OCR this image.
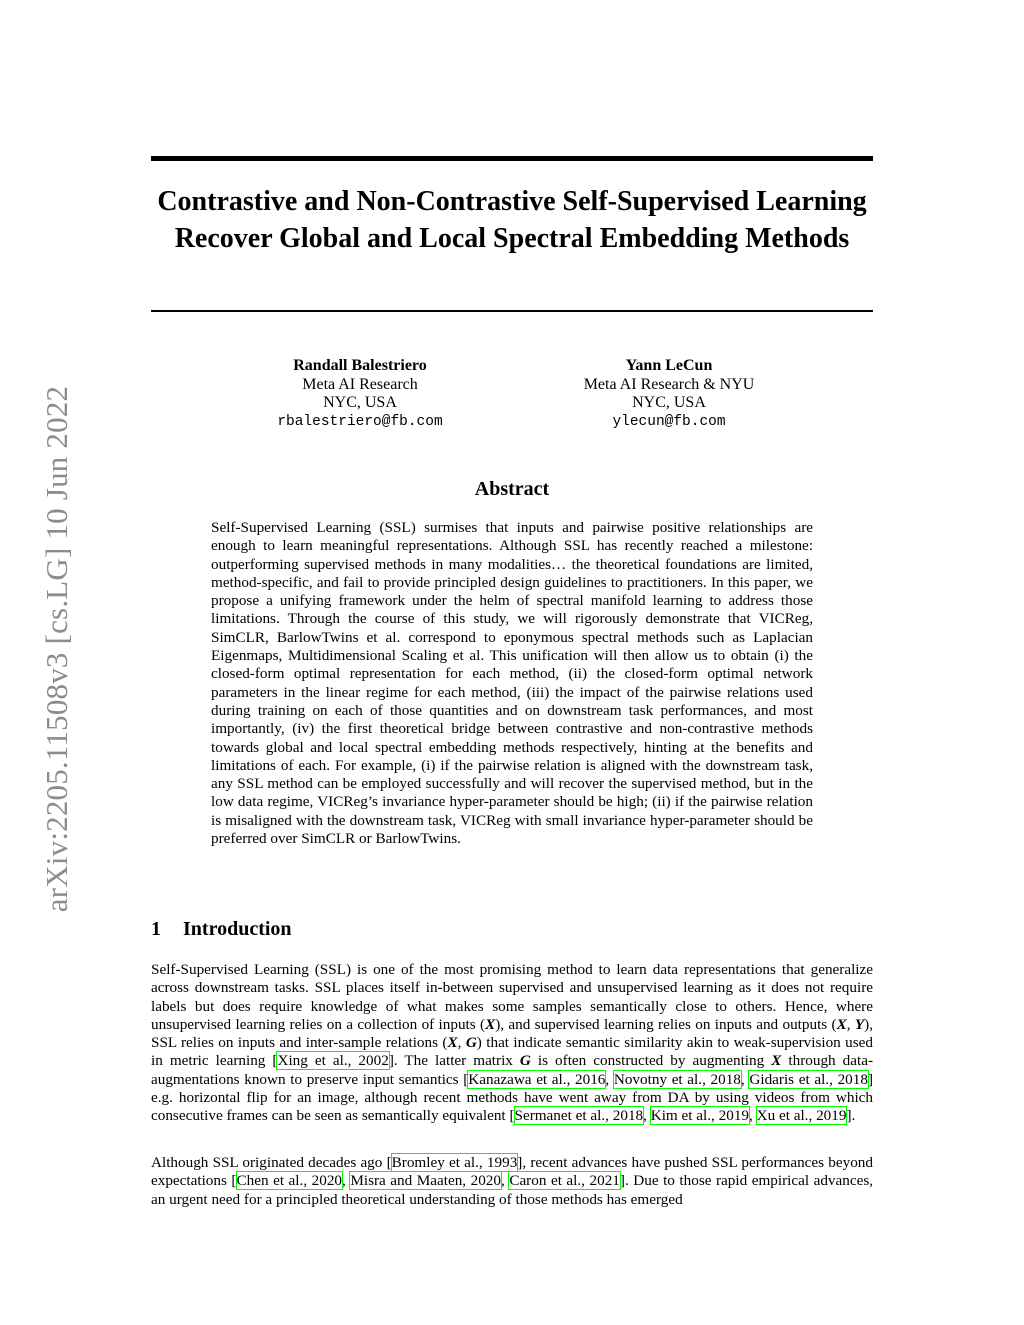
arXiv:2205.11508v3 [cs.LG] 10 Jun 2022
Contrastive and Non-Contrastive Self-Supervised Learning Recover Global and Local Spectral Embedding Methods
Randall Balestriero
Meta AI Research
NYC, USA
rbalestriero@fb.com
Yann LeCun
Meta AI Research & NYU
NYC, USA
ylecun@fb.com
Abstract

Self-Supervised Learning (SSL) surmises that inputs and pairwise positive relationships are enough to learn meaningful representations. Although SSL has recently reached a milestone: outperforming supervised methods in many modalities… the theoretical foundations are limited, method-specific, and fail to provide principled design guidelines to practitioners. In this paper, we propose a unifying framework under the helm of spectral manifold learning to address those limitations. Through the course of this study, we will rigorously demonstrate that VICReg, SimCLR, BarlowTwins et al. correspond to eponymous spectral methods such as Laplacian Eigenmaps, Multidimensional Scaling et al. This unification will then allow us to obtain (i) the closed-form optimal representation for each method, (ii) the closed-form optimal network parameters in the linear regime for each method, (iii) the impact of the pairwise relations used during training on each of those quantities and on downstream task performances, and most importantly, (iv) the first theoretical bridge between contrastive and non-contrastive methods towards global and local spectral embedding methods respectively, hinting at the benefits and limitations of each. For example, (i) if the pairwise relation is aligned with the downstream task, any SSL method can be employed successfully and will recover the supervised method, but in the low data regime, VICReg’s invariance hyper-parameter should be high; (ii) if the pairwise relation is misaligned with the downstream task, VICReg with small invariance hyper-parameter should be preferred over SimCLR or BarlowTwins.

1 Introduction

Self-Supervised Learning (SSL) is one of the most promising method to learn data representations that generalize across downstream tasks. SSL places itself in-between supervised and unsupervised learning as it does not require labels but does require knowledge of what makes some samples semantically close to others. Hence, where unsupervised learning relies on a collection of inputs (X), and supervised learning relies on inputs and outputs (X, Y), SSL relies on inputs and inter-sample relations (X, G) that indicate semantic similarity akin to weak-supervision used in metric learning [Xing et al., 2002]. The latter matrix G is often constructed by augmenting X through data-augmentations known to preserve input semantics [Kanazawa et al., 2016, Novotny et al., 2018, Gidaris et al., 2018] e.g. horizontal flip for an image, although recent methods have went away from DA by using videos from which consecutive frames can be seen as semantically equivalent [Sermanet et al., 2018, Kim et al., 2019, Xu et al., 2019].

Although SSL originated decades ago [Bromley et al., 1993], recent advances have pushed SSL performances beyond expectations [Chen et al., 2020, Misra and Maaten, 2020, Caron et al., 2021]. Due to those rapid empirical advances, an urgent need for a principled theoretical understanding of those methods has emerged
